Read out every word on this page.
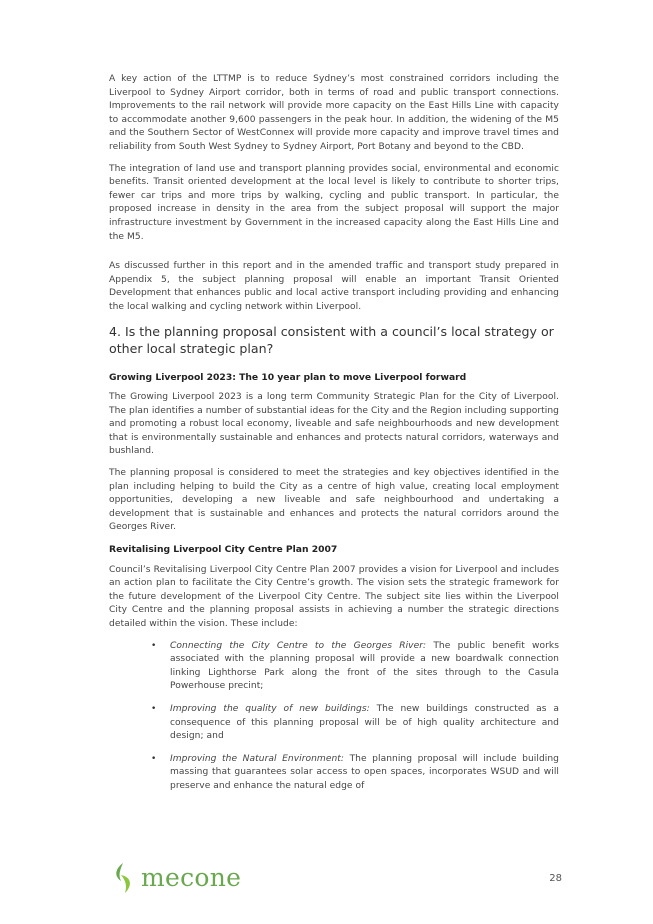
A key action of the LTTMP is to reduce Sydney’s most constrained corridors including the Liverpool to Sydney Airport corridor, both in terms of road and public transport connections. Improvements to the rail network will provide more capacity on the East Hills Line with capacity to accommodate another 9,600 passengers in the peak hour. In addition, the widening of the M5 and the Southern Sector of WestConnex will provide more capacity and improve travel times and reliability from South West Sydney to Sydney Airport, Port Botany and beyond to the CBD.

The integration of land use and transport planning provides social, environmental and economic benefits. Transit oriented development at the local level is likely to contribute to shorter trips, fewer car trips and more trips by walking, cycling and public transport. In particular, the proposed increase in density in the area from the subject proposal will support the major infrastructure investment by Government in the increased capacity along the East Hills Line and the M5.

As discussed further in this report and in the amended traffic and transport study prepared in Appendix 5, the subject planning proposal will enable an important Transit Oriented Development that enhances public and local active transport including providing and enhancing the local walking and cycling network within Liverpool.

4. Is the planning proposal consistent with a council’s local strategy or other local strategic plan?
Growing Liverpool 2023: The 10 year plan to move Liverpool forward

The Growing Liverpool 2023 is a long term Community Strategic Plan for the City of Liverpool. The plan identifies a number of substantial ideas for the City and the Region including supporting and promoting a robust local economy, liveable and safe neighbourhoods and new development that is environmentally sustainable and enhances and protects natural corridors, waterways and bushland.

The planning proposal is considered to meet the strategies and key objectives identified in the plan including helping to build the City as a centre of high value, creating local employment opportunities, developing a new liveable and safe neighbourhood and undertaking a development that is sustainable and enhances and protects the natural corridors around the Georges River.

Revitalising Liverpool City Centre Plan 2007

Council’s Revitalising Liverpool City Centre Plan 2007 provides a vision for Liverpool and includes an action plan to facilitate the City Centre’s growth. The vision sets the strategic framework for the future development of the Liverpool City Centre. The subject site lies within the Liverpool City Centre and the planning proposal assists in achieving a number the strategic directions detailed within the vision. These include:

• Connecting the City Centre to the Georges River: The public benefit works associated with the planning proposal will provide a new boardwalk connection linking Lighthorse Park along the front of the sites through to the Casula Powerhouse precint;

• Improving the quality of new buildings: The new buildings constructed as a consequence of this planning proposal will be of high quality architecture and design; and

• Improving the Natural Environment: The planning proposal will include building massing that guarantees solar access to open spaces, incorporates WSUD and will preserve and enhance the natural edge of

mecone	28
